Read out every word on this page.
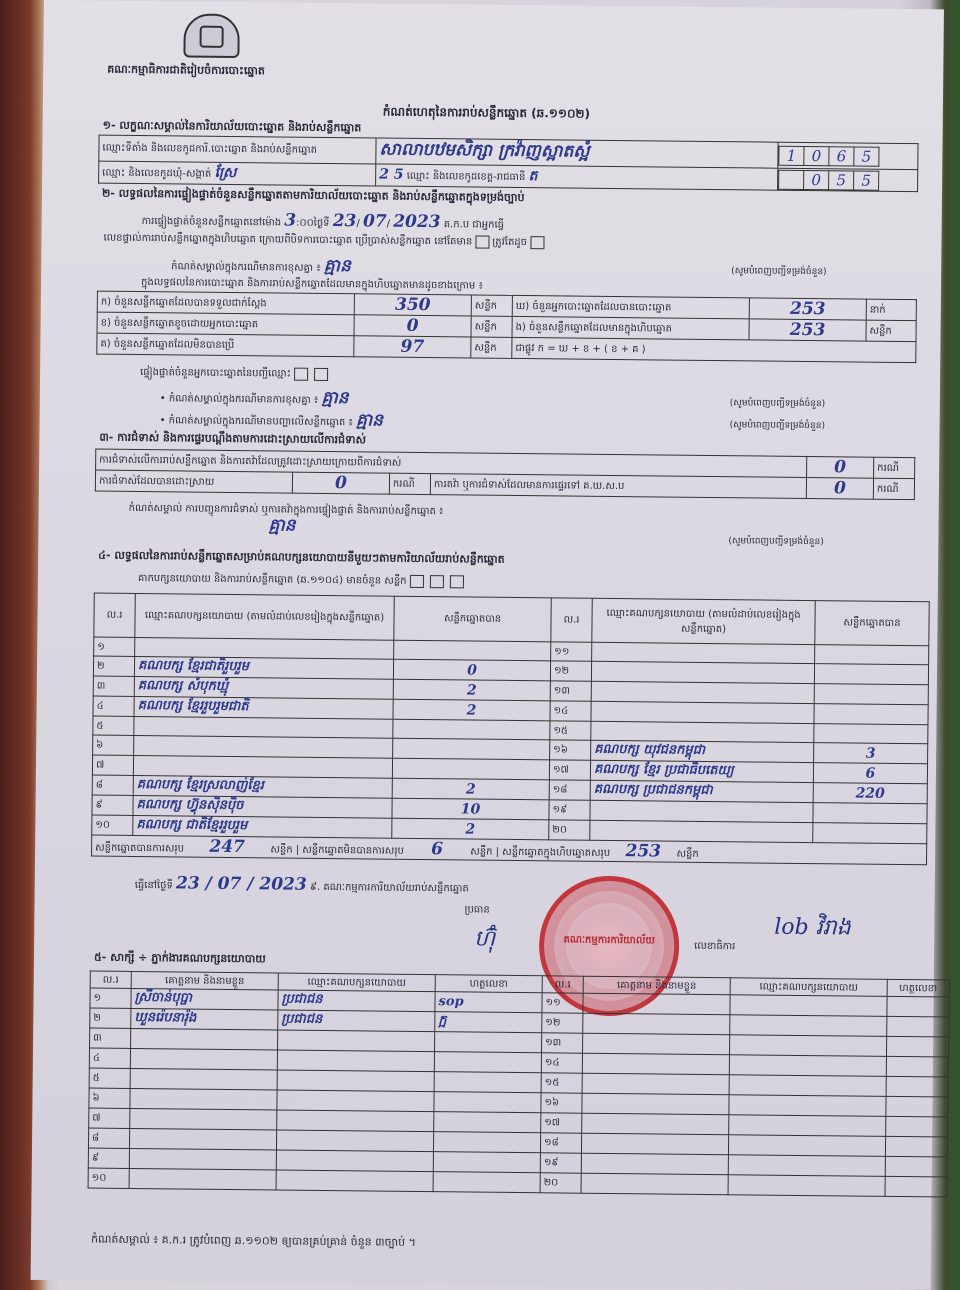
គណៈកម្មាធិការជាតិរៀបចំការបោះឆ្នោត
កំណត់ហេតុនៃការរាប់សន្លឹកឆ្នោត (ឆ.១១០២)
១- លក្ខណៈសម្គាល់នៃការិយាល័យបោះឆ្នោត និងរាប់សន្លឹកឆ្នោត
ឈ្មោះទីតាំង និងលេខកូដការិ.បោះឆ្នោត និងរាប់សន្លឹកឆ្នោត	សាលាបឋមសិក្សា ក្រវ៉ាញស្អាតស្អំ		1	0	6	5

ឈ្មោះ និងលេខកូដឃុំ-សង្កាត់ ស្រែ	2 5 ឈ្មោះ និងលេខកូដខេត្ត-រាជធានី ត	
		0	5	5
២- លទ្ធផលនៃការផ្ទៀងផ្ទាត់ចំនួនសន្លឹកឆ្នោតតាមការិយាល័យបោះឆ្នោត និងរាប់សន្លឹកឆ្នោតក្នុងទម្រង់ច្បាប់
ការផ្ទៀងផ្ទាត់ចំនួនសន្លឹកឆ្នោតនៅម៉ោង 3:០០ថ្ងៃទី 23/ 07/ 2023 គ.ក.ប ជាអ្នកធ្វើ
លេខផ្ទាល់ការរាប់សន្លឹកឆ្នោតក្នុងហិបឆ្នោត ក្រោយពីបិទការបោះឆ្នោត ប្រើប្រាស់សន្លឹកឆ្នោត នៅតែមាន ត្រូវតែដូច
កំណត់សម្គាល់ក្នុងករណីមានការខុសគ្នា ៖ គ្មាន	(សូមបំពេញបញ្ជីទម្រង់ចំនួន)
ក្នុងលទ្ធផលនៃការបោះឆ្នោត និងការរាប់សន្លឹកឆ្នោតដែលមានក្នុងហិបឆ្នោតមានដូចខាងក្រោម ៖
ក) ចំនួនសន្លឹកឆ្នោតដែលបានទទួលជាក់ស្តែង	350	សន្លឹក	ឃ) ចំនួនអ្នកបោះឆ្នោតដែលបានបោះឆ្នោត	253	នាក់
ខ) ចំនួនសន្លឹកឆ្នោតខូចដោយអ្នកបោះឆ្នោត	0	សន្លឹក	ង) ចំនួនសន្លឹកឆ្នោតដែលមានក្នុងហិបឆ្នោត	253	សន្លឹក
គ) ចំនួនសន្លឹកឆ្នោតដែលមិនបានប្រើ	97	សន្លឹក	ជាផ្លូវ ក = ឃ + ខ + ( ខ + គ )		
ផ្ទៀងផ្ទាត់ចំនួនអ្នកបោះឆ្នោតនៃបញ្ជីឈ្មោះ
• កំណត់សម្គាល់ក្នុងករណីមានការខុសគ្នា ៖ គ្មាន	(សូមបំពេញបញ្ជីទម្រង់ចំនួន)
• កំណត់សម្គាល់ក្នុងករណីមានបញ្ហាលើសន្លឹកឆ្នោត ៖ គ្មាន	(សូមបំពេញបញ្ជីទម្រង់ចំនួន)
៣- ការជំទាស់ និងការផ្ទេរបណ្តឹងតាមការដោះស្រាយលើការជំទាស់
ការជំទាស់លើការរាប់សន្លឹកឆ្នោត និងការតវ៉ាដែលត្រូវដោះស្រាយក្រោយពីការជំទាស់				0	ករណី
ការជំទាស់ដែលបានដោះស្រាយ	0	ករណី	ការតវ៉ា ឬការជំទាស់ដែលមានការផ្ទេរទៅ គ.ឃ.ស.ប	0	ករណី
កំណត់សម្គាល់ ការបញ្ជូនការជំទាស់ ឬការតវ៉ាក្នុងការផ្ទៀងផ្ទាត់ និងការរាប់សន្លឹកឆ្នោត ៖
គ្មាន
(សូមបំពេញបញ្ជីទម្រង់ចំនួន)
៤- លទ្ធផលនៃការរាប់សន្លឹកឆ្នោតសម្រាប់គណបក្សនយោបាយនីមួយៗតាមការិយាល័យរាប់សន្លឹកឆ្នោត
គាកបក្សនយោបាយ និងការរាប់សន្លឹកឆ្នោត (ឆ.១១០៤) មានចំនួន សន្លឹក
ល.រ	ឈ្មោះគណបក្សនយោបាយ (តាមលំដាប់លេខរៀងក្នុងសន្លឹកឆ្នោត)	សន្លឹកឆ្នោតបាន	ល.រ	ឈ្មោះគណបក្សនយោបាយ (តាមលំដាប់លេខរៀងក្នុងសន្លឹកឆ្នោត)	សន្លឹកឆ្នោតបាន
១			១១		
២	គណបក្ស ខ្មែរជាតិរួបរួម	0	១២		
៣	គណបក្ស សំបុកឃ្មុំ	2	១៣		
៤	គណបក្ស ខ្មែររួបរួមជាតិ	2	១៤		
៥			១៥		
៦			១៦	គណបក្ស យុវជនកម្ពុជា	3
៧			១៧	គណបក្ស ខ្មែរ ប្រជាធិបតេយ្យ	6
៨	គណបក្ស ខ្មែរស្រលាញ់ខ្មែរ	2	១៨	គណបក្ស ប្រជាជនកម្ពុជា	220
៩	គណបក្ស ហ៊្វុនស៊ិនប៉ិច	10	១៩		
១០	គណបក្ស ជាតិខ្មែររួបរួម	2	២០		
សន្លឹកឆ្នោតបានការសរុប 247 សន្លឹក | សន្លឹកឆ្នោតមិនបានការសរុប 6 សន្លឹក | សន្លឹកឆ្នោតក្នុងហិបឆ្នោតសរុប 253 សន្លឹក					
ធ្វើនៅថ្ងៃទី 23 / 07 / 2023 ៩. គណៈកម្មការការិយាល័យរាប់សន្លឹកឆ្នោត
ប្រធាន
ហ៊ុំ	លេខាធិការ
lob វិរាង
គណៈកម្មការការិយាល័យ
៥- សាក្សី ÷ ភ្នាក់ងារគណបក្សនយោបាយ
ល.រ	គោត្តនាម និងនាមខ្លួន	ឈ្មោះគណបក្សនយោបាយ	ហត្ថលេខា	ល.រ	គោត្តនាម និងនាមខ្លួន	ឈ្មោះគណបក្សនយោបាយ	ហត្ថលេខា
១	ស្រីចាន់បុប្ផា	ប្រជាជន	sop	១១			
២	ឃួនរ៉េបនារ៉ុង	ប្រជាជន	ក្អ	១២			
៣				១៣			
៤				១៤			
៥				១៥			
៦				១៦			
៧				១៧			
៨				១៨			
៩				១៩			
១០				២០			
កំណត់សម្គាល់ ៖ គ.ក.រ ត្រូវបំពេញ ឆ.១១០២ ឲ្យបានគ្រប់គ្រាន់ ចំនួន ៣ច្បាប់ ។
